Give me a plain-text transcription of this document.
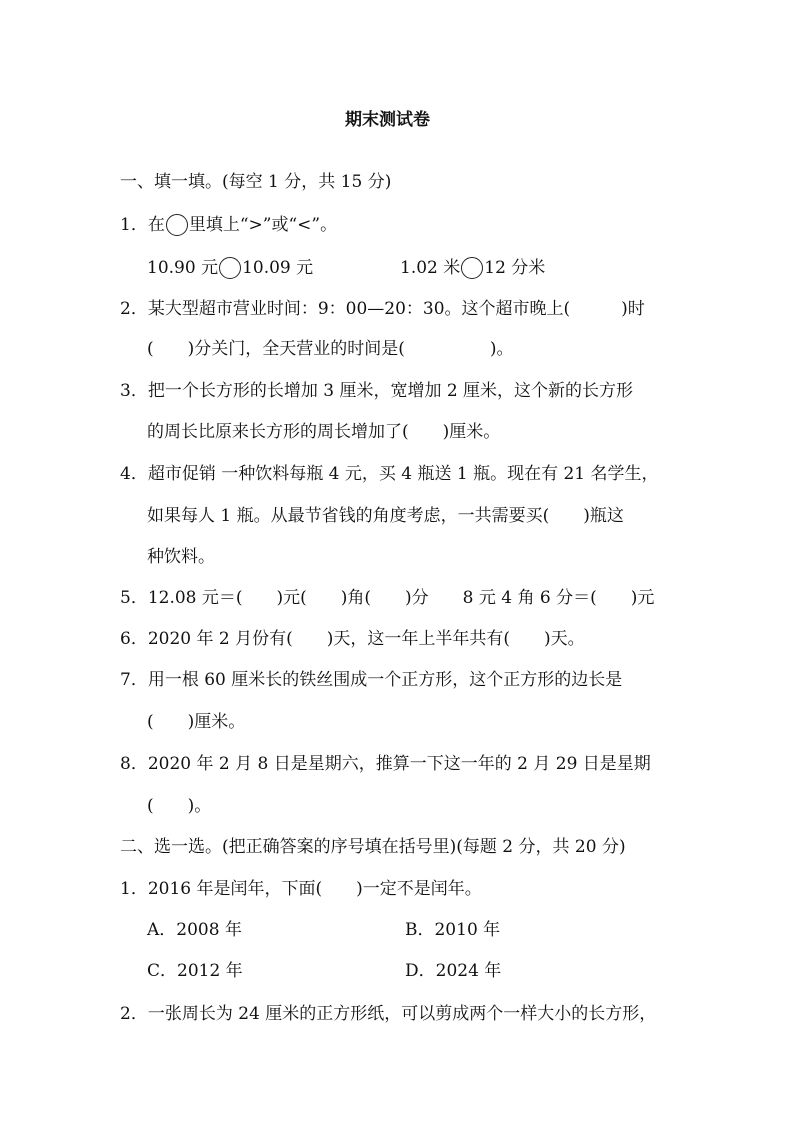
期末测试卷
一、填一填。(每空 1 分，共 15 分)
1．在 里填上“>”或“<”。
10.90 元 10.09 元	1.02 米 12 分米
2．某大型超市营业时间：9：00—20：30。这个超市晚上(　　　)时
(　　)分关门，全天营业的时间是(　　　　　)。
3．把一个长方形的长增加 3 厘米，宽增加 2 厘米，这个新的长方形
的周长比原来长方形的周长增加了(　　)厘米。
4．超市促销 一种饮料每瓶 4 元，买 4 瓶送 1 瓶。现在有 21 名学生，
如果每人 1 瓶。从最节省钱的角度考虑，一共需要买(　　)瓶这
种饮料。
5．12.08 元＝(　　)元(　　)角(　　)分　　8 元 4 角 6 分＝(　　)元
6．2020 年 2 月份有(　　)天，这一年上半年共有(　　)天。
7．用一根 60 厘米长的铁丝围成一个正方形，这个正方形的边长是
(　　)厘米。
8．2020 年 2 月 8 日是星期六，推算一下这一年的 2 月 29 日是星期
(　　)。
二、选一选。(把正确答案的序号填在括号里)(每题 2 分，共 20 分)
1．2016 年是闰年，下面(　　)一定不是闰年。
A．2008 年	B．2010 年
C．2012 年	D．2024 年
2．一张周长为 24 厘米的正方形纸，可以剪成两个一样大小的长方形，
